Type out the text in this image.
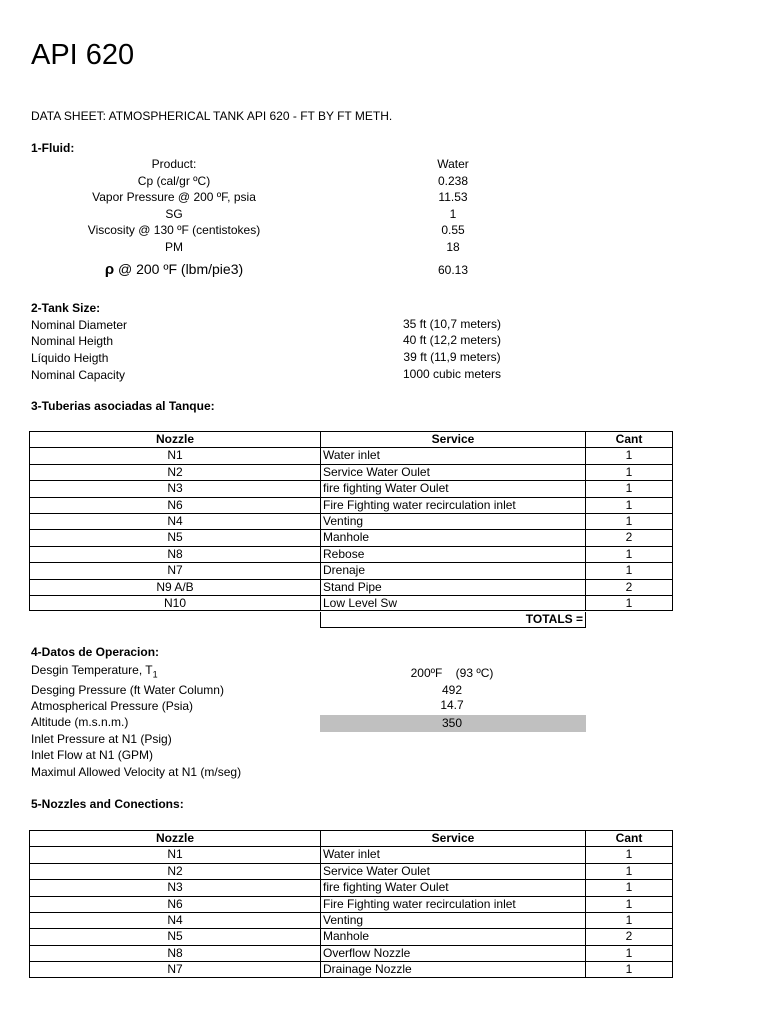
API 620
DATA SHEET: ATMOSPHERICAL TANK API 620 - FT BY FT METH.
1-Fluid:
Product:	Water
Cp (cal/gr ºC)	0.238
Vapor Pressure @ 200 ºF, psia	11.53
SG	1
Viscosity @ 130 ºF (centistokes)	0.55
PM	18
ρ @ 200 ºF (lbm/pie3)	60.13
2-Tank Size:
Nominal Diameter	35 ft (10,7 meters)
Nominal Heigth	40 ft (12,2 meters)
Líquido Heigth	39 ft (11,9 meters)
Nominal Capacity	1000 cubic meters
3-Tuberias asociadas al Tanque:
Nozzle	Service	Cant
N1	Water inlet	1
N2	Service Water Oulet	1
N3	fire fighting Water Oulet	1
N6	Fire Fighting water recirculation inlet	1
N4	Venting	1
N5	Manhole	2
N8	Rebose	1
N7	Drenaje	1
N9 A/B	Stand Pipe	2
N10	Low Level Sw	1
TOTALS =
4-Datos de Operacion:
Desgin Temperature, $T_1$	200ºF    (93 ºC)
Desging Pressure (ft Water Column)	492
Atmospherical Pressure (Psia)	14.7
Altitude (m.s.n.m.)	350
Inlet Pressure at N1 (Psig)
Inlet Flow at N1 (GPM)
Maximul Allowed Velocity at N1 (m/seg)
5-Nozzles and Conections:
Nozzle	Service	Cant
N1	Water inlet	1
N2	Service Water Oulet	1
N3	fire fighting Water Oulet	1
N6	Fire Fighting water recirculation inlet	1
N4	Venting	1
N5	Manhole	2
N8	Overflow Nozzle	1
N7	Drainage Nozzle	1
